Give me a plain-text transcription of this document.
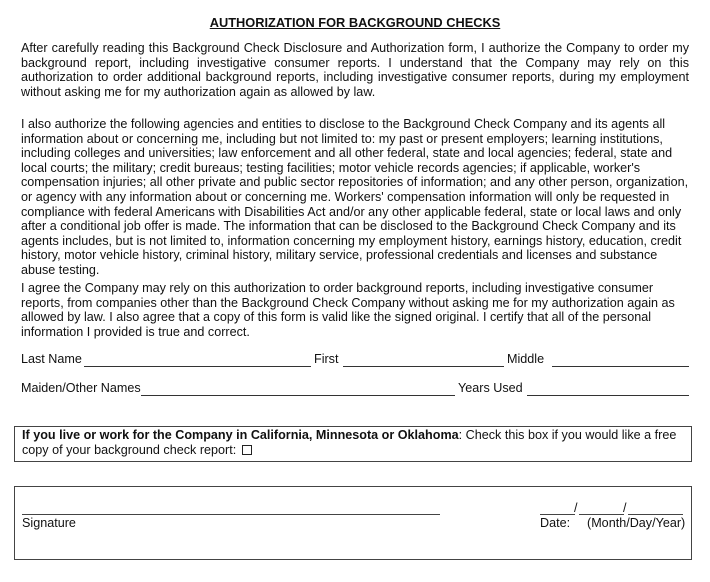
AUTHORIZATION FOR BACKGROUND CHECKS

After carefully reading this Background Check Disclosure and Authorization form, I authorize the Company to order my background report, including investigative consumer reports. I understand that the Company may rely on this authorization to order additional background reports, including investigative consumer reports, during my employment without asking me for my authorization again as allowed by law.

I also authorize the following agencies and entities to disclose to the Background Check Company and its agents all information about or concerning me, including but not limited to: my past or present employers; learning institutions, including colleges and universities; law enforcement and all other federal, state and local agencies; federal, state and local courts; the military; credit bureaus; testing facilities; motor vehicle records agencies; if applicable, worker's compensation injuries; all other private and public sector repositories of information; and any other person, organization, or agency with any information about or concerning me. Workers' compensation information will only be requested in compliance with federal Americans with Disabilities Act and/or any other applicable federal, state or local laws and only after a conditional job offer is made. The information that can be disclosed to the Background Check Company and its agents includes, but is not limited to, information concerning my employment history, earnings history, education, credit history, motor vehicle history, criminal history, military service, professional credentials and licenses and substance abuse testing.

I agree the Company may rely on this authorization to order background reports, including investigative consumer reports, from companies other than the Background Check Company without asking me for my authorization again as allowed by law. I also agree that a copy of this form is valid like the signed original. I certify that all of the personal information I provided is true and correct.

Last Name	First	Middle
Maiden/Other Names	Years Used

If you live or work for the Company in California, Minnesota or Oklahoma: Check this box if you would like a free copy of your background check report:

Signature
/	/
Date: (Month/Day/Year)
